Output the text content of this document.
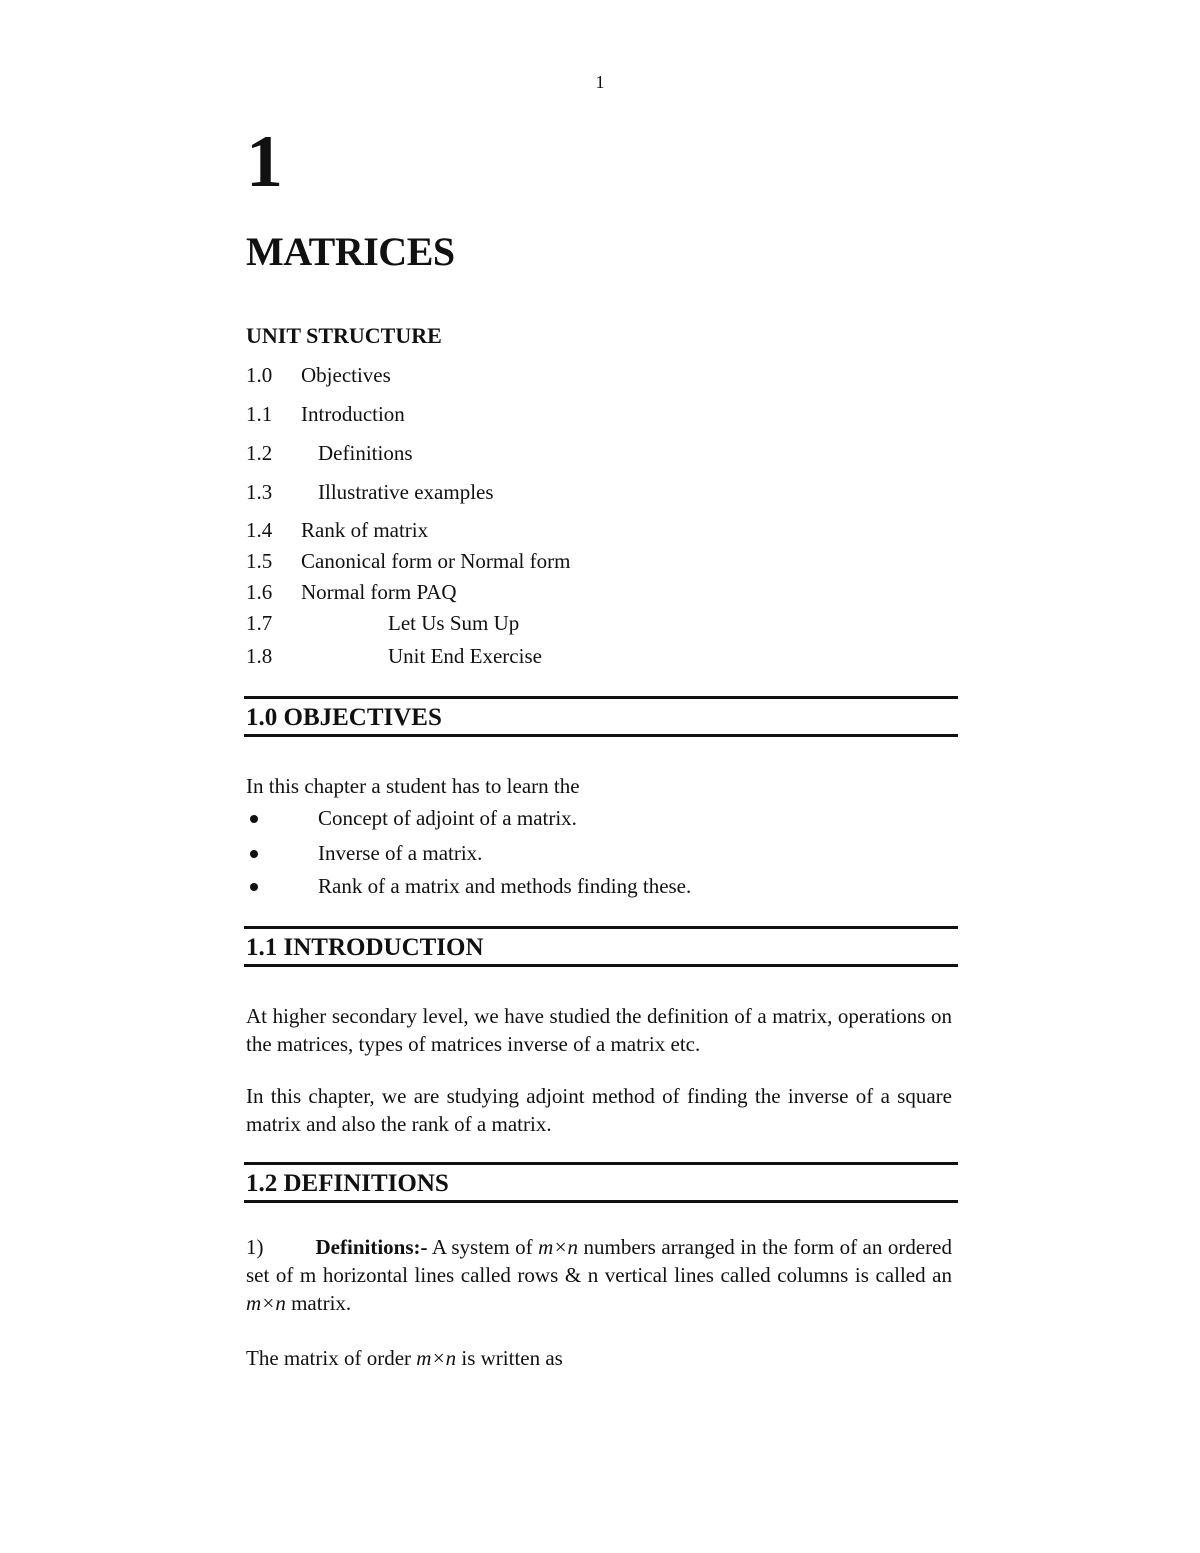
1
1
MATRICES
UNIT STRUCTURE
1.0 Objectives
1.1 Introduction
1.2 Definitions
1.3 Illustrative examples
1.4 Rank of matrix
1.5 Canonical form or Normal form
1.6 Normal form PAQ
1.7	Let Us Sum Up
1.8	Unit End Exercise
1.0 OBJECTIVES
In this chapter a student has to learn the
Concept of adjoint of a matrix.
Inverse of a matrix.
Rank of a matrix and methods finding these.
1.1 INTRODUCTION
At higher secondary level, we have studied the definition of a matrix, operations on the matrices, types of matrices inverse of a matrix etc.
In this chapter, we are studying adjoint method of finding the inverse of a square matrix and also the rank of a matrix.
1.2 DEFINITIONS
1) Definitions:- A system of m×n numbers arranged in the form of an ordered set of m horizontal lines called rows & n vertical lines called columns is called an m×n matrix.
The matrix of order m×n is written as
